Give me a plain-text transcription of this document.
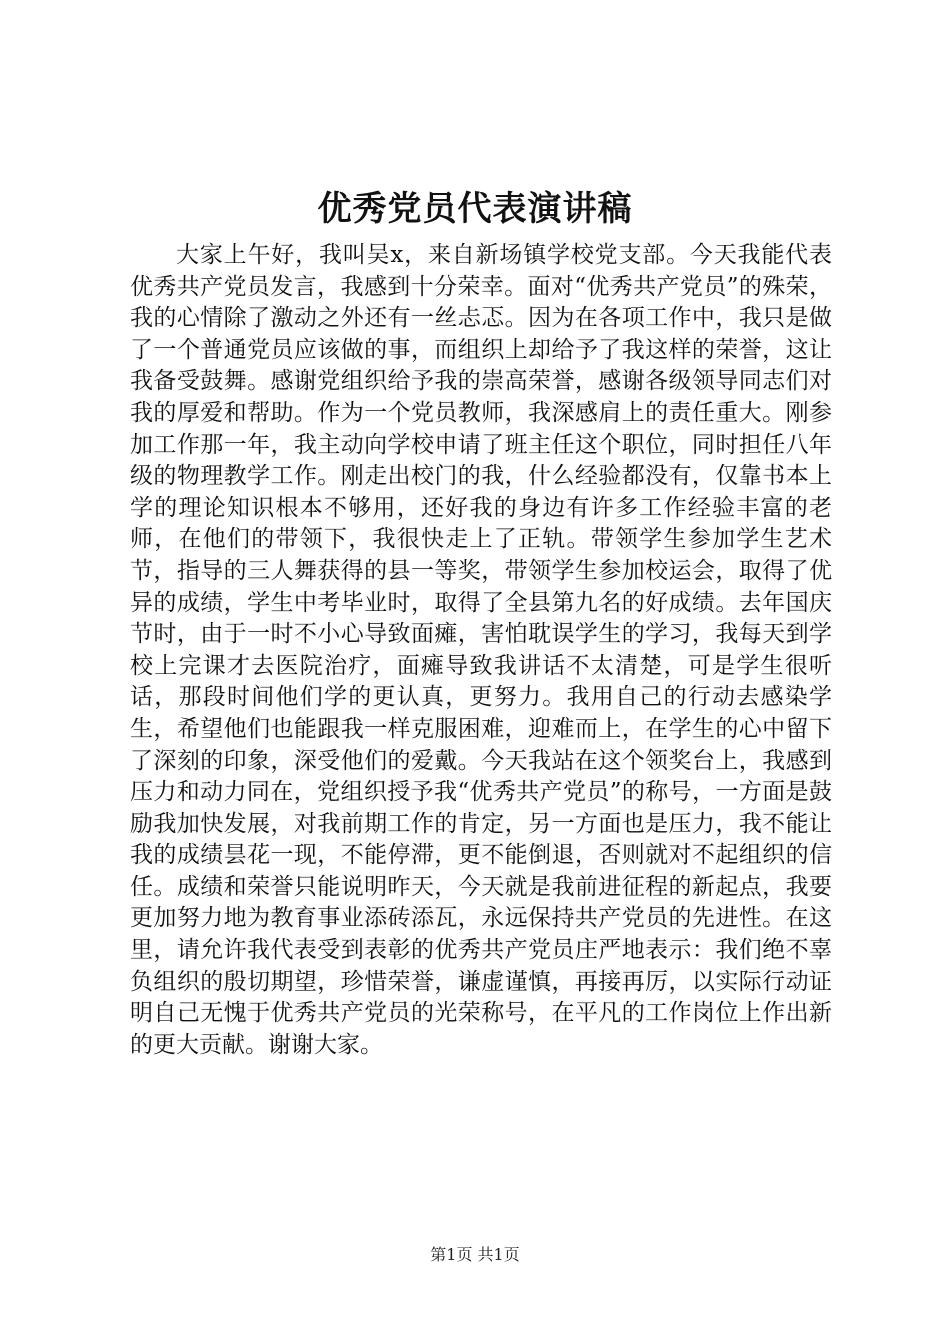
优秀党员代表演讲稿

大家上午好，我叫吴x，来自新场镇学校党支部。今天我能代表优秀共产党员发言，我感到十分荣幸。面对“优秀共产党员”的殊荣，我的心情除了激动之外还有一丝忐忑。因为在各项工作中，我只是做了一个普通党员应该做的事，而组织上却给予了我这样的荣誉，这让我备受鼓舞。感谢党组织给予我的崇高荣誉，感谢各级领导同志们对我的厚爱和帮助。作为一个党员教师，我深感肩上的责任重大。刚参加工作那一年，我主动向学校申请了班主任这个职位，同时担任八年级的物理教学工作。刚走出校门的我，什么经验都没有，仅靠书本上学的理论知识根本不够用，还好我的身边有许多工作经验丰富的老师，在他们的带领下，我很快走上了正轨。带领学生参加学生艺术节，指导的三人舞获得的县一等奖，带领学生参加校运会，取得了优异的成绩，学生中考毕业时，取得了全县第九名的好成绩。去年国庆节时，由于一时不小心导致面瘫，害怕耽误学生的学习，我每天到学校上完课才去医院治疗，面瘫导致我讲话不太清楚，可是学生很听话，那段时间他们学的更认真，更努力。我用自己的行动去感染学生，希望他们也能跟我一样克服困难，迎难而上，在学生的心中留下了深刻的印象，深受他们的爱戴。今天我站在这个领奖台上，我感到压力和动力同在，党组织授予我“优秀共产党员”的称号，一方面是鼓励我加快发展，对我前期工作的肯定，另一方面也是压力，我不能让我的成绩昙花一现，不能停滞，更不能倒退，否则就对不起组织的信任。成绩和荣誉只能说明昨天，今天就是我前进征程的新起点，我要更加努力地为教育事业添砖添瓦，永远保持共产党员的先进性。在这里，请允许我代表受到表彰的优秀共产党员庄严地表示：我们绝不辜负组织的殷切期望，珍惜荣誉，谦虚谨慎，再接再厉，以实际行动证明自己无愧于优秀共产党员的光荣称号，在平凡的工作岗位上作出新的更大贡献。谢谢大家。

第1页 共1页
